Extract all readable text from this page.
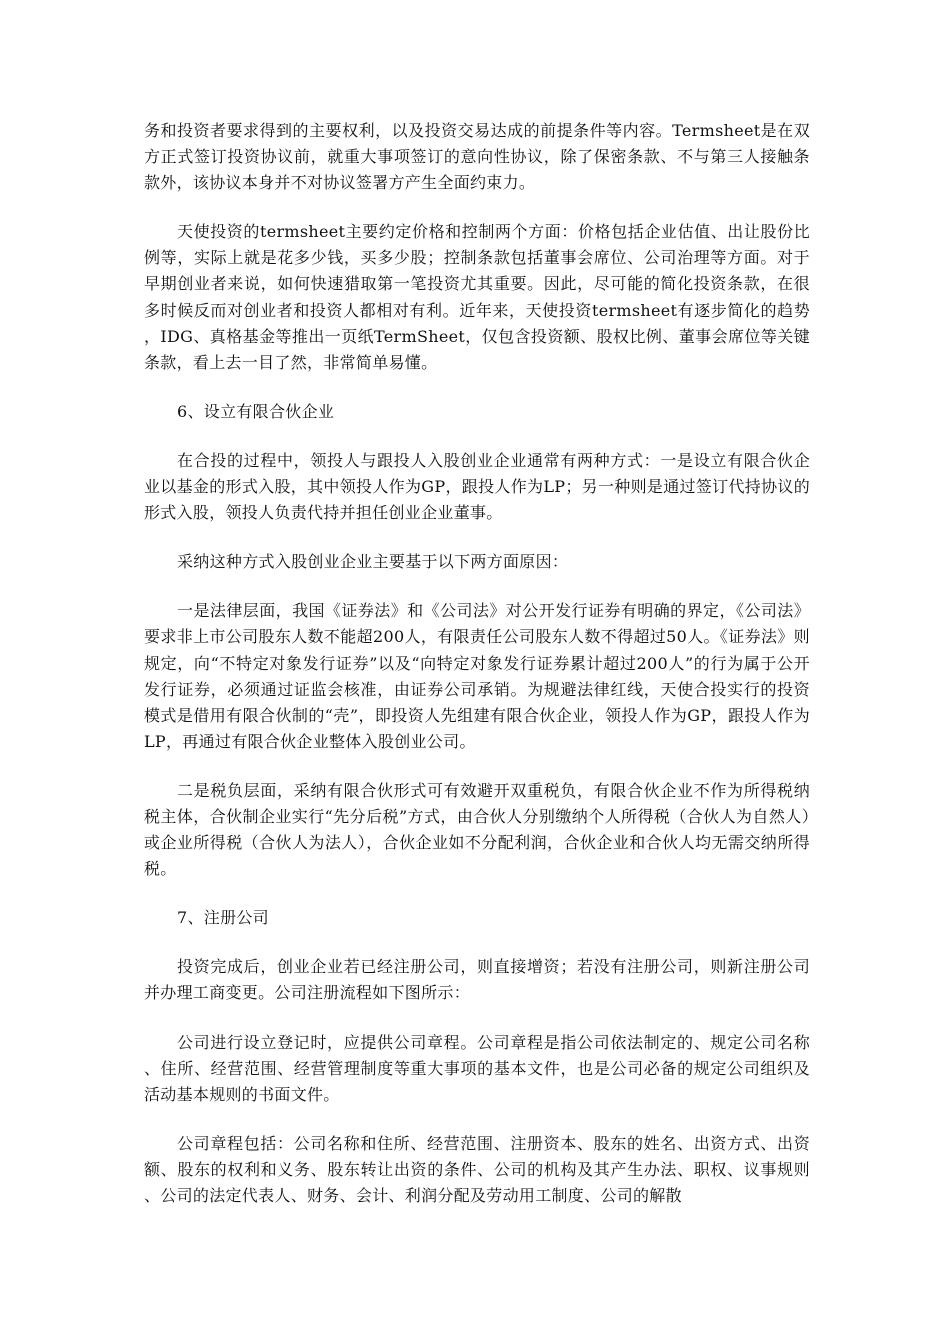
务和投资者要求得到的主要权利，以及投资交易达成的前提条件等内容。Termsheet是在双方正式签订投资协议前，就重大事项签订的意向性协议，除了保密条款、不与第三人接触条款外，该协议本身并不对协议签署方产生全面约束力。

天使投资的termsheet主要约定价格和控制两个方面：价格包括企业估值、出让股份比例等，实际上就是花多少钱，买多少股；控制条款包括董事会席位、公司治理等方面。对于早期创业者来说，如何快速猎取第一笔投资尤其重要。因此，尽可能的简化投资条款，在很多时候反而对创业者和投资人都相对有利。近年来，天使投资termsheet有逐步简化的趋势，IDG、真格基金等推出一页纸TermSheet，仅包含投资额、股权比例、董事会席位等关键条款，看上去一目了然，非常简单易懂。

6、设立有限合伙企业

在合投的过程中，领投人与跟投人入股创业企业通常有两种方式：一是设立有限合伙企业以基金的形式入股，其中领投人作为GP，跟投人作为LP；另一种则是通过签订代持协议的形式入股，领投人负责代持并担任创业企业董事。

采纳这种方式入股创业企业主要基于以下两方面原因：

一是法律层面，我国《证券法》和《公司法》对公开发行证券有明确的界定，《公司法》要求非上市公司股东人数不能超200人，有限责任公司股东人数不得超过50人。《证券法》则规定，向“不特定对象发行证券”以及“向特定对象发行证券累计超过200人”的行为属于公开发行证券，必须通过证监会核准，由证券公司承销。为规避法律红线，天使合投实行的投资模式是借用有限合伙制的“壳”，即投资人先组建有限合伙企业，领投人作为GP，跟投人作为LP，再通过有限合伙企业整体入股创业公司。

二是税负层面，采纳有限合伙形式可有效避开双重税负，有限合伙企业不作为所得税纳税主体，合伙制企业实行“先分后税”方式，由合伙人分别缴纳个人所得税（合伙人为自然人）或企业所得税（合伙人为法人），合伙企业如不分配利润，合伙企业和合伙人均无需交纳所得税。

7、注册公司

投资完成后，创业企业若已经注册公司，则直接增资；若没有注册公司，则新注册公司并办理工商变更。公司注册流程如下图所示：

公司进行设立登记时，应提供公司章程。公司章程是指公司依法制定的、规定公司名称、住所、经营范围、经营管理制度等重大事项的基本文件，也是公司必备的规定公司组织及活动基本规则的书面文件。

公司章程包括：公司名称和住所、经营范围、注册资本、股东的姓名、出资方式、出资额、股东的权利和义务、股东转让出资的条件、公司的机构及其产生办法、职权、议事规则、公司的法定代表人、财务、会计、利润分配及劳动用工制度、公司的解散
